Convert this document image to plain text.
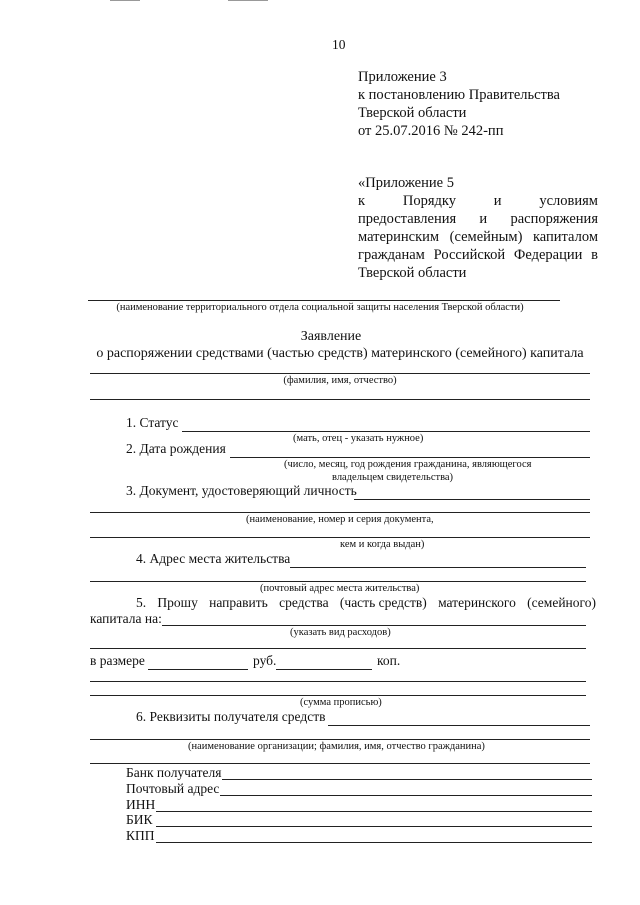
10
Приложение 3
к постановлению Правительства
Тверской области
от 25.07.2016 № 242-пп
«Приложение 5
к	Порядку	и	условиям
предоставления и распоряжения
материнским (семейным) капиталом
гражданам Российской Федерации в
Тверской области
(наименование территориального отдела социальной защиты населения Тверской области)
Заявление
о распоряжении средствами (частью средств) материнского (семейного) капитала
(фамилия, имя, отчество)
1. Статус
(мать, отец - указать нужное)
2. Дата рождения
(число, месяц, год рождения гражданина, являющегося
владельцем свидетельства)
3. Документ, удостоверяющий личность
(наименование, номер и серия документа,
кем и когда выдан)
4. Адрес места жительства
(почтовый адрес места жительства)
5. Прошу направить средства (часть средств) материнского (семейного)
капитала на:
(указать вид расходов)
в размере	руб.	коп.
(сумма прописью)
6. Реквизиты получателя средств
(наименование организации; фамилия, имя, отчество гражданина)
Банк получателя
Почтовый адрес
ИНН
БИК
КПП
